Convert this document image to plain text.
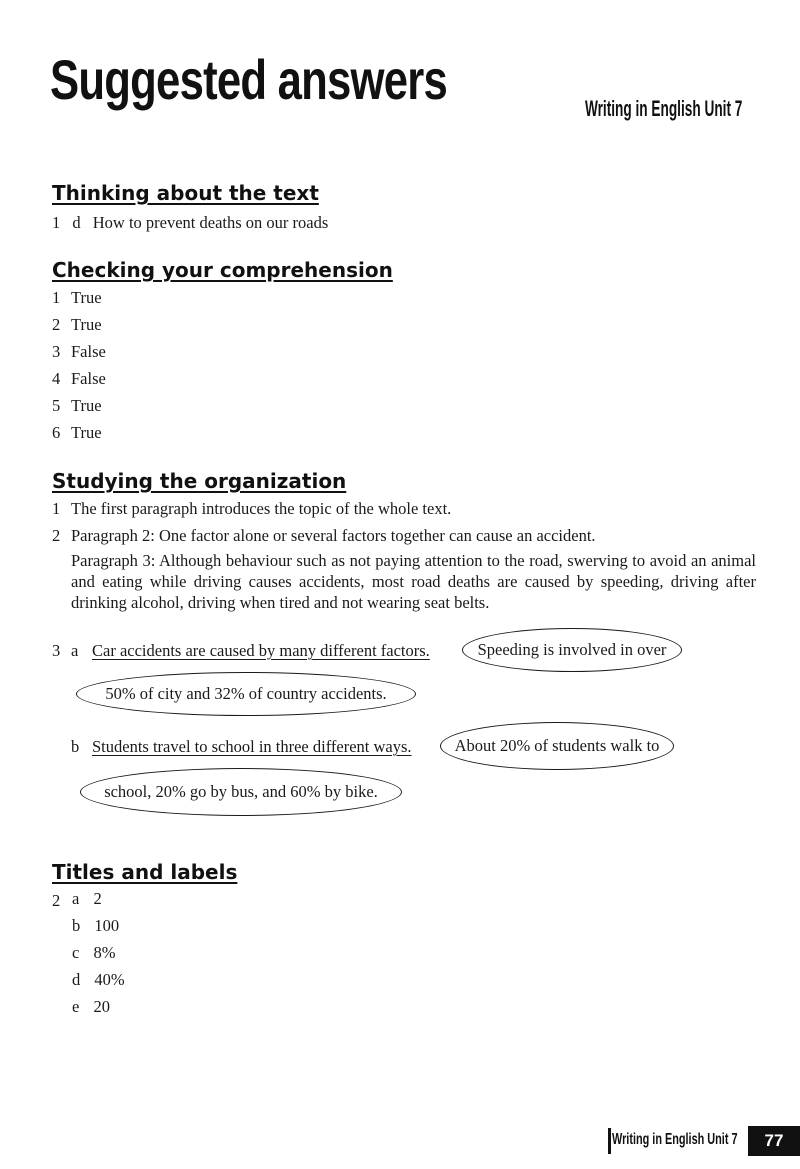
Suggested answers	Writing in English Unit 7
Thinking about the text
1 d How to prevent deaths on our roads
Checking your comprehension
1 True
2 True
3 False
4 False
5 True
6 True
Studying the organization
1 The first paragraph introduces the topic of the whole text.
2 Paragraph 2: One factor alone or several factors together can cause an accident.

Paragraph 3: Although behaviour such as not paying attention to the road, swerving to avoid an animal and eating while driving causes accidents, most road deaths are caused by speeding, driving after drinking alcohol, driving when tired and not wearing seat belts.

3 a Car accidents are caused by many different factors.	Speeding is involved in over
50% of city and 32% of country accidents.
b Students travel to school in three different ways.	About 20% of students walk to
school, 20% go by bus, and 60% by bike.
Titles and labels
2 a 2
b 100
c 8%
d 40%
e 20
Writing in English Unit 7	77
